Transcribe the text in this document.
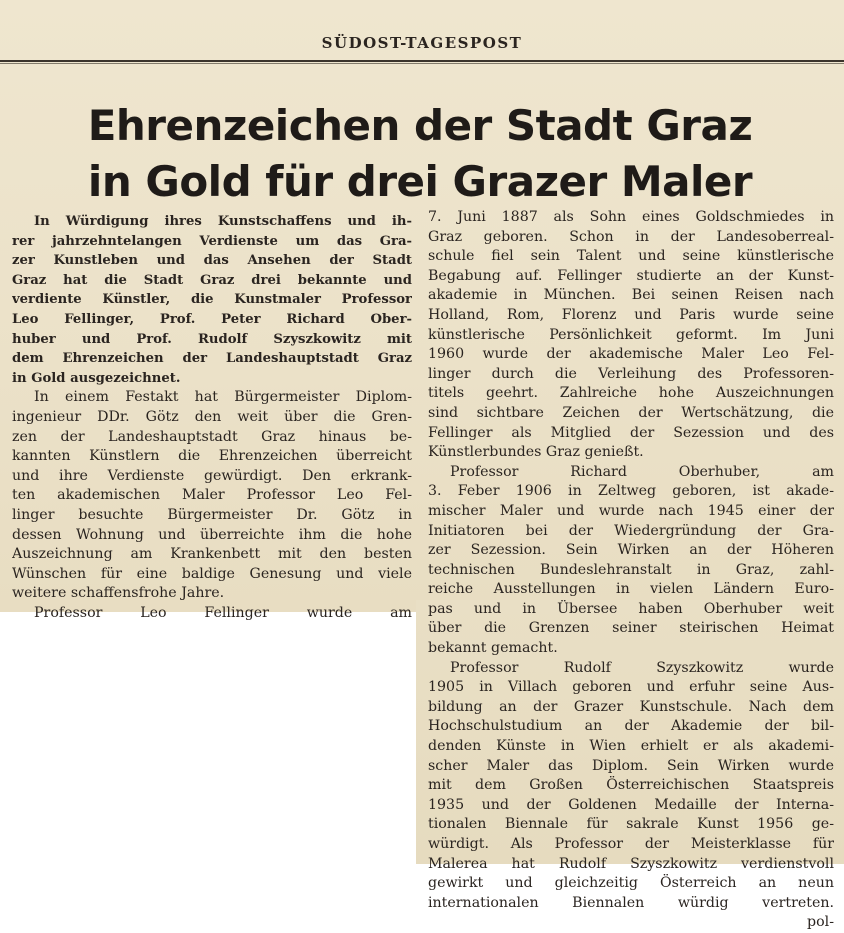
SÜDOST-TAGESPOST
Ehrenzeichen der Stadt Graz
in Gold für drei Grazer Maler
In Würdigung ihres Kunstschaffens und ih-
rer jahrzehntelangen Verdienste um das Gra-
zer Kunstleben und das Ansehen der Stadt
Graz hat die Stadt Graz drei bekannte und
verdiente Künstler, die Kunstmaler Professor
Leo Fellinger, Prof. Peter Richard Ober-
huber und Prof. Rudolf Szyszkowitz mit
dem Ehrenzeichen der Landeshauptstadt Graz
in Gold ausgezeichnet.
In einem Festakt hat Bürgermeister Diplom-
ingenieur DDr. Götz den weit über die Gren-
zen der Landeshauptstadt Graz hinaus be-
kannten Künstlern die Ehrenzeichen überreicht
und ihre Verdienste gewürdigt. Den erkrank-
ten akademischen Maler Professor Leo Fel-
linger besuchte Bürgermeister Dr. Götz in
dessen Wohnung und überreichte ihm die hohe
Auszeichnung am Krankenbett mit den besten
Wünschen für eine baldige Genesung und viele
weitere schaffensfrohe Jahre.
Professor Leo Fellinger wurde am
7. Juni 1887 als Sohn eines Goldschmiedes in
Graz geboren. Schon in der Landesoberreal-
schule fiel sein Talent und seine künstlerische
Begabung auf. Fellinger studierte an der Kunst-
akademie in München. Bei seinen Reisen nach
Holland, Rom, Florenz und Paris wurde seine
künstlerische Persönlichkeit geformt. Im Juni
1960 wurde der akademische Maler Leo Fel-
linger durch die Verleihung des Professoren-
titels geehrt. Zahlreiche hohe Auszeichnungen
sind sichtbare Zeichen der Wertschätzung, die
Fellinger als Mitglied der Sezession und des
Künstlerbundes Graz genießt.
Professor Richard Oberhuber, am
3. Feber 1906 in Zeltweg geboren, ist akade-
mischer Maler und wurde nach 1945 einer der
Initiatoren bei der Wiedergründung der Gra-
zer Sezession. Sein Wirken an der Höheren
technischen Bundeslehranstalt in Graz, zahl-
reiche Ausstellungen in vielen Ländern Euro-
pas und in Übersee haben Oberhuber weit
über die Grenzen seiner steirischen Heimat
bekannt gemacht.
Professor Rudolf Szyszkowitz wurde
1905 in Villach geboren und erfuhr seine Aus-
bildung an der Grazer Kunstschule. Nach dem
Hochschulstudium an der Akademie der bil-
denden Künste in Wien erhielt er als akademi-
scher Maler das Diplom. Sein Wirken wurde
mit dem Großen Österreichischen Staatspreis
1935 und der Goldenen Medaille der Interna-
tionalen Biennale für sakrale Kunst 1956 ge-
würdigt. Als Professor der Meisterklasse für
Malerea hat Rudolf Szyszkowitz verdienstvoll
gewirkt und gleichzeitig Österreich an neun
internationalen Biennalen würdig vertreten.
pol-
